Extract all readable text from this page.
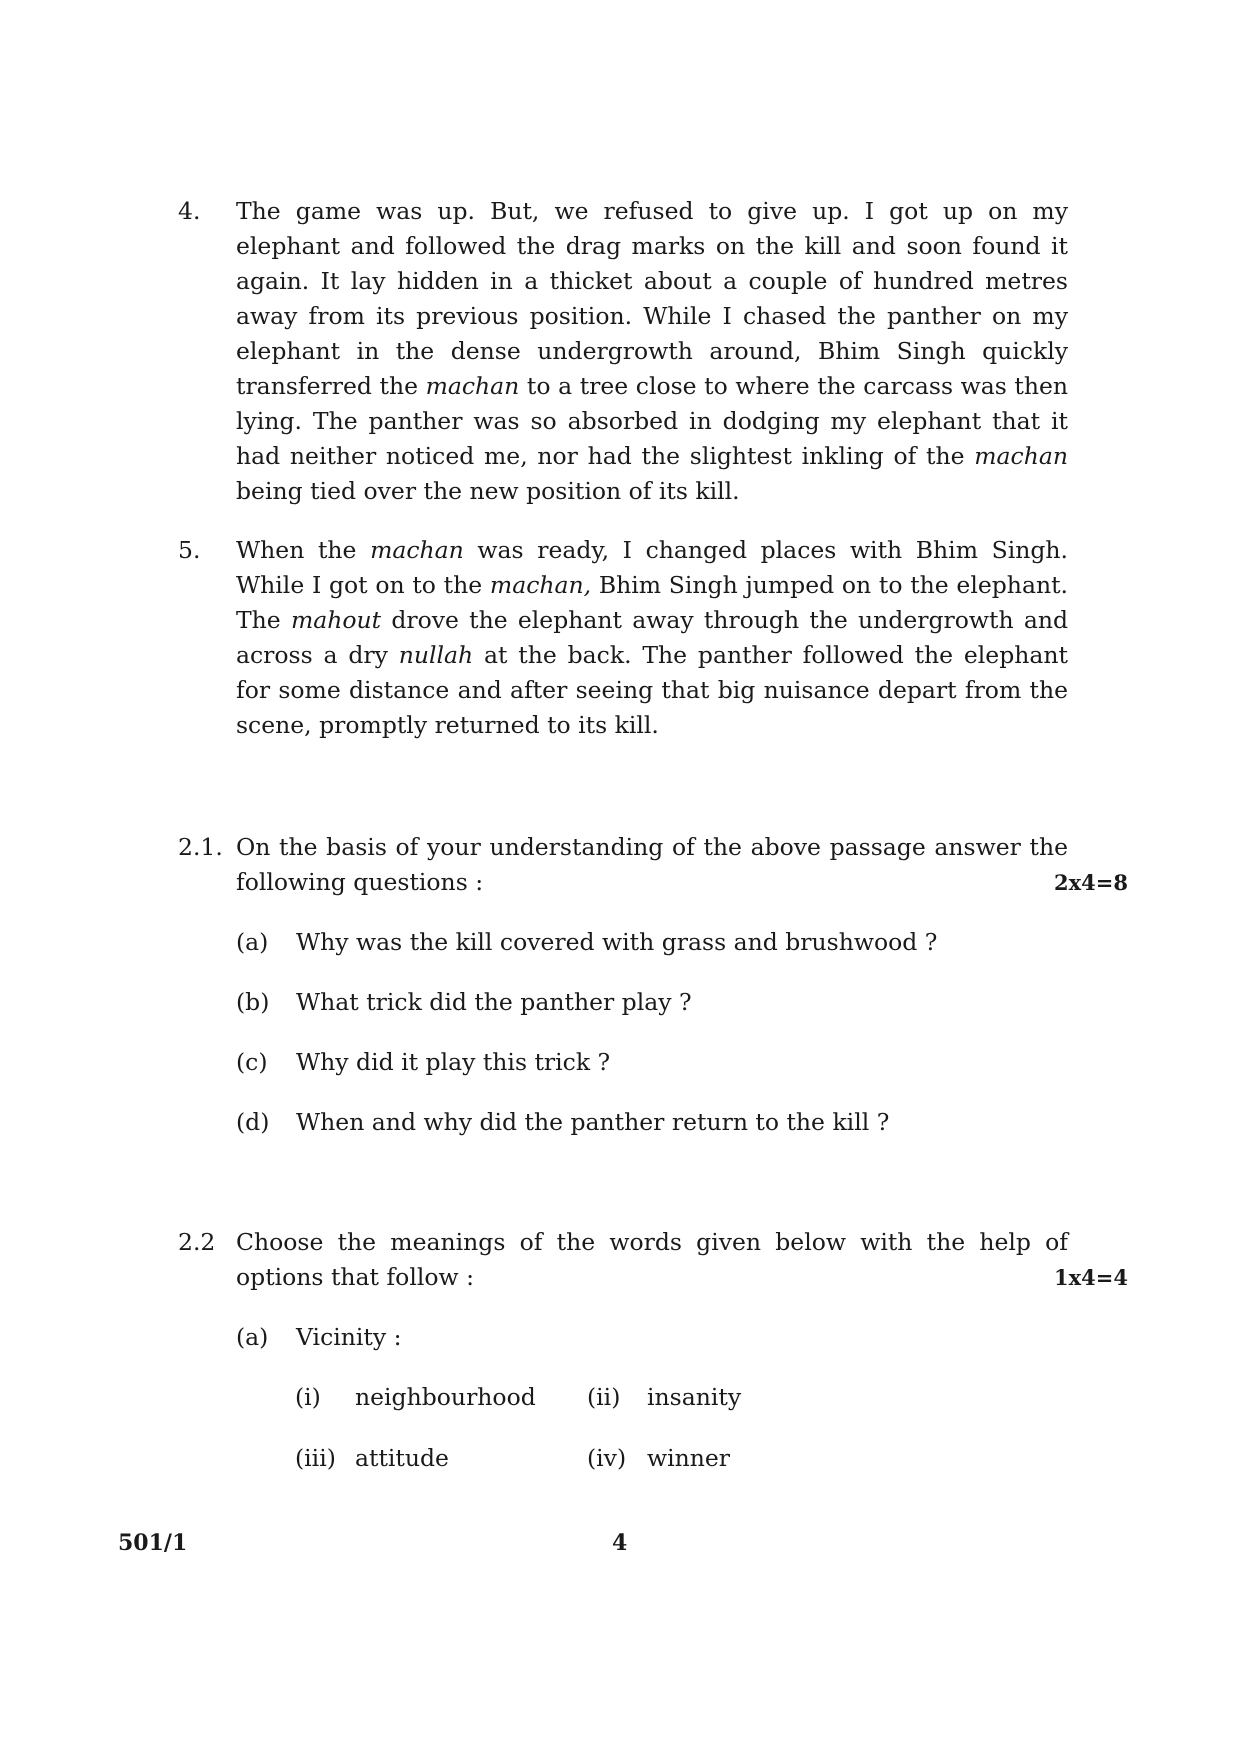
4.	The game was up. But, we refused to give up. I got up on my elephant and followed the drag marks on the kill and soon found it again. It lay hidden in a thicket about a couple of hundred metres away from its previous position. While I chased the panther on my elephant in the dense undergrowth around, Bhim Singh quickly transferred the machan to a tree close to where the carcass was then lying. The panther was so absorbed in dodging my elephant that it had neither noticed me, nor had the slightest inkling of the machan being tied over the new position of its kill.
5.	When the machan was ready, I changed places with Bhim Singh. While I got on to the machan, Bhim Singh jumped on to the elephant. The mahout drove the elephant away through the undergrowth and across a dry nullah at the back. The panther followed the elephant for some distance and after seeing that big nuisance depart from the scene, promptly returned to its kill.
2.1. On the basis of your understanding of the above passage answer the following questions :	2x4=8
(a)	Why was the kill covered with grass and brushwood ?
(b)	What trick did the panther play ?
(c)	Why did it play this trick ?
(d)	When and why did the panther return to the kill ?
2.2 Choose the meanings of the words given below with the help of options that follow :	1x4=4
(a)	Vicinity :
(i)	neighbourhood (ii)	insanity
(iii) attitude	(iv) winner
501/1	4
